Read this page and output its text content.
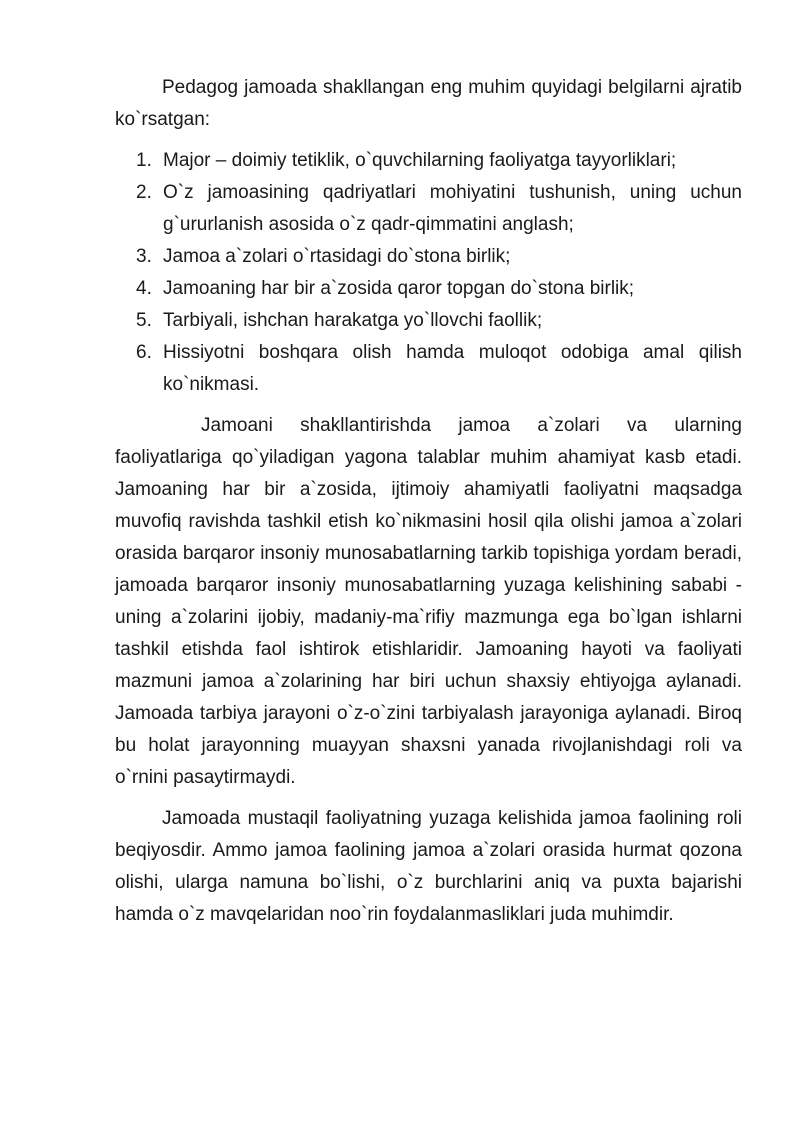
Pedagog jamoada shakllangan eng muhim quyidagi belgilarni ajratib ko`rsatgan:

1. Major – doimiy tetiklik, o`quvchilarning faoliyatga tayyorliklari;
2. O`z jamoasining qadriyatlari mohiyatini tushunish, uning uchun g`ururlanish asosida o`z qadr-qimmatini anglash;
3. Jamoa a`zolari o`rtasidagi do`stona birlik;
4. Jamoaning har bir a`zosida qaror topgan do`stona birlik;
5. Tarbiyali, ishchan harakatga yo`llovchi faollik;
6. Hissiyotni boshqara olish hamda muloqot odobiga amal qilish ko`nikmasi.

Jamoani shakllantirishda jamoa a`zolari va ularning faoliyatlariga qo`yiladigan yagona talablar muhim ahamiyat kasb etadi. Jamoaning har bir a`zosida, ijtimoiy ahamiyatli faoliyatni maqsadga muvofiq ravishda tashkil etish ko`nikmasini hosil qila olishi jamoa a`zolari orasida barqaror insoniy munosabatlarning tarkib topishiga yordam beradi, jamoada barqaror insoniy munosabatlarning yuzaga kelishining sababi - uning a`zolarini ijobiy, madaniy-ma`rifiy mazmunga ega bo`lgan ishlarni tashkil etishda faol ishtirok etishlaridir. Jamoaning hayoti va faoliyati mazmuni jamoa a`zolarining har biri uchun shaxsiy ehtiyojga aylanadi. Jamoada tarbiya jarayoni o`z-o`zini tarbiyalash jarayoniga aylanadi. Biroq bu holat jarayonning muayyan shaxsni yanada rivojlanishdagi roli va o`rnini pasaytirmaydi.

Jamoada mustaqil faoliyatning yuzaga kelishida jamoa faolining roli beqiyosdir. Ammo jamoa faolining jamoa a`zolari orasida hurmat qozona olishi, ularga namuna bo`lishi, o`z burchlarini aniq va puxta bajarishi hamda o`z mavqelaridan noo`rin foydalanmasliklari juda muhimdir.
